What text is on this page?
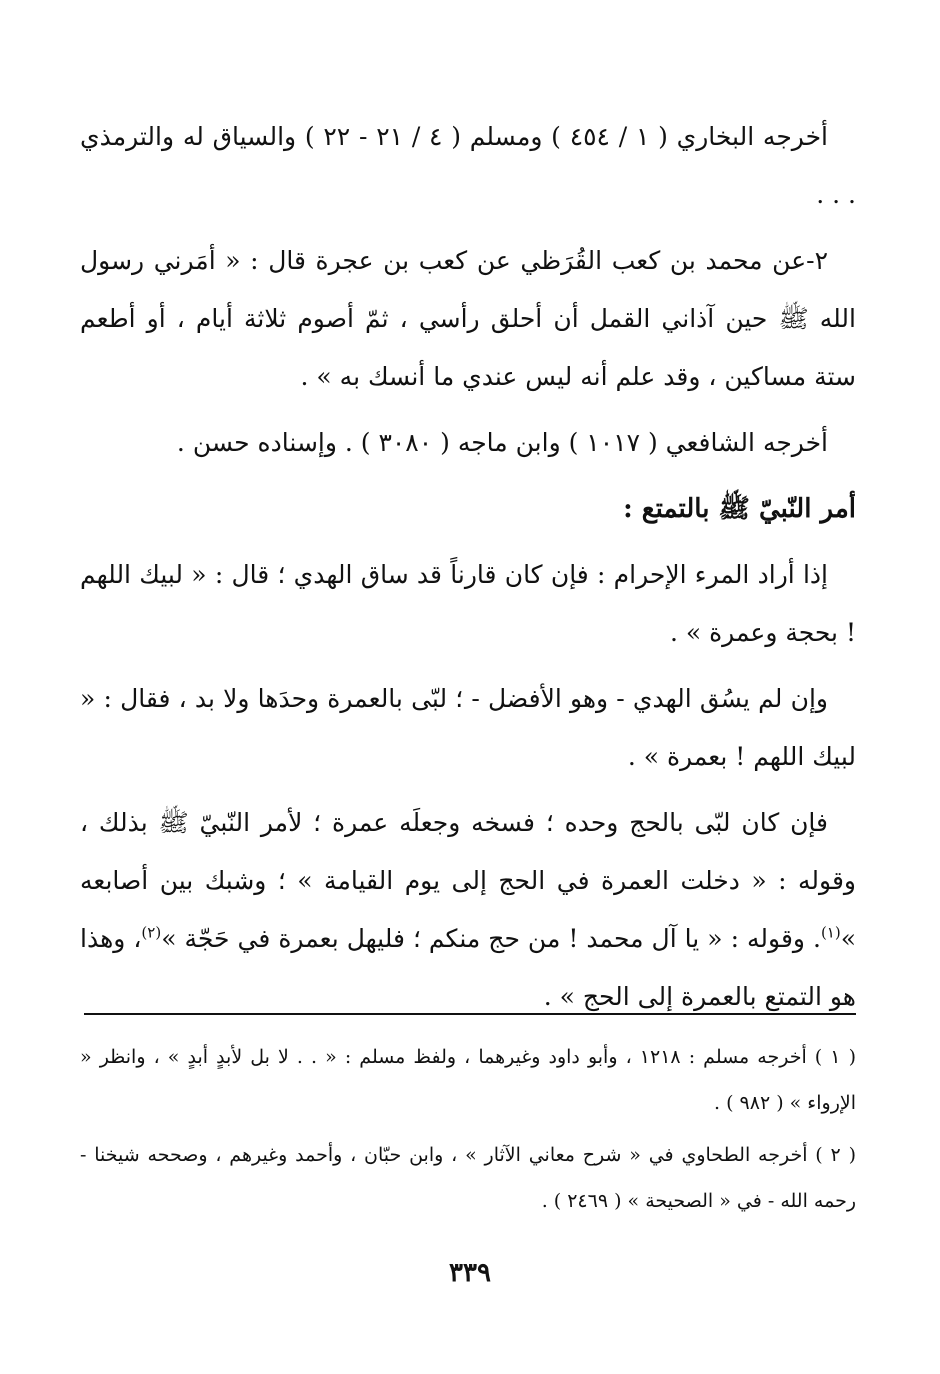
أخرجه البخاري ( ١ / ٤٥٤ ) ومسلم ( ٤ / ٢١ - ٢٢ ) والسياق له والترمذي . . .

٢-عن محمد بن كعب القُرَظي عن كعب بن عجرة قال : « أمَرني رسول الله ﷺ حين آذاني القمل أن أحلق رأسي ، ثمّ أصوم ثلاثة أيام ، أو أطعم ستة مساكين ، وقد علم أنه ليس عندي ما أنسك به » .

أخرجه الشافعي ( ١٠١٧ ) وابن ماجه ( ٣٠٨٠ ) . وإسناده حسن .

أمر النّبيّ ﷺ بالتمتع :

إذا أراد المرء الإحرام : فإن كان قارناً قد ساق الهدي ؛ قال : « لبيك اللهم ! بحجة وعمرة » .

وإن لم يسُق الهدي - وهو الأفضل - ؛ لبّى بالعمرة وحدَها ولا بد ، فقال : « لبيك اللهم ! بعمرة » .

فإن كان لبّى بالحج وحده ؛ فسخه وجعلَه عمرة ؛ لأمر النّبيّ ﷺ بذلك ، وقوله : « دخلت العمرة في الحج إلى يوم القيامة » ؛ وشبك بين أصابعه »$^{(١)}$. وقوله : « يا آل محمد ! من حج منكم ؛ فليهل بعمرة في حَجّة »$^{(٢)}$، وهذا هو التمتع بالعمرة إلى الحج » .

( ١ ) أخرجه مسلم : ١٢١٨ ، وأبو داود وغيرهما ، ولفظ مسلم : « . . لا بل لأبدٍ أبدٍ » ، وانظر « الإرواء » ( ٩٨٢ ) .

( ٢ ) أخرجه الطحاوي في « شرح معاني الآثار » ، وابن حبّان ، وأحمد وغيرهم ، وصححه شيخنا - رحمه الله - في « الصحيحة » ( ٢٤٦٩ ) .

٣٣٩
